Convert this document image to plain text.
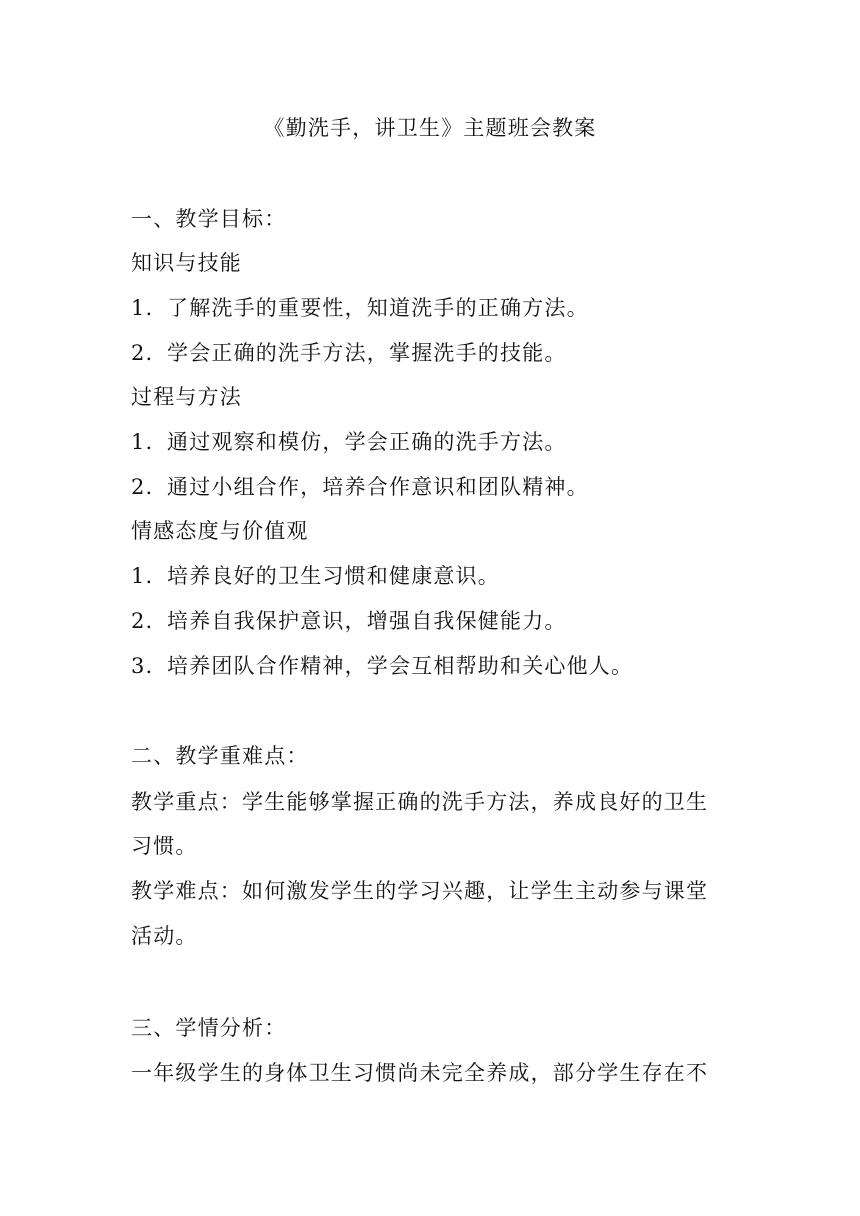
《勤洗手，讲卫生》主题班会教案
一、教学目标：
知识与技能
1. 了解洗手的重要性，知道洗手的正确方法。
2. 学会正确的洗手方法，掌握洗手的技能。
过程与方法
1. 通过观察和模仿，学会正确的洗手方法。
2. 通过小组合作，培养合作意识和团队精神。
情感态度与价值观
1. 培养良好的卫生习惯和健康意识。
2. 培养自我保护意识，增强自我保健能力。
3. 培养团队合作精神，学会互相帮助和关心他人。
二、教学重难点：
教学重点：学生能够掌握正确的洗手方法，养成良好的卫生
习惯。
教学难点：如何激发学生的学习兴趣，让学生主动参与课堂
活动。
三、学情分析：
一年级学生的身体卫生习惯尚未完全养成，部分学生存在不
